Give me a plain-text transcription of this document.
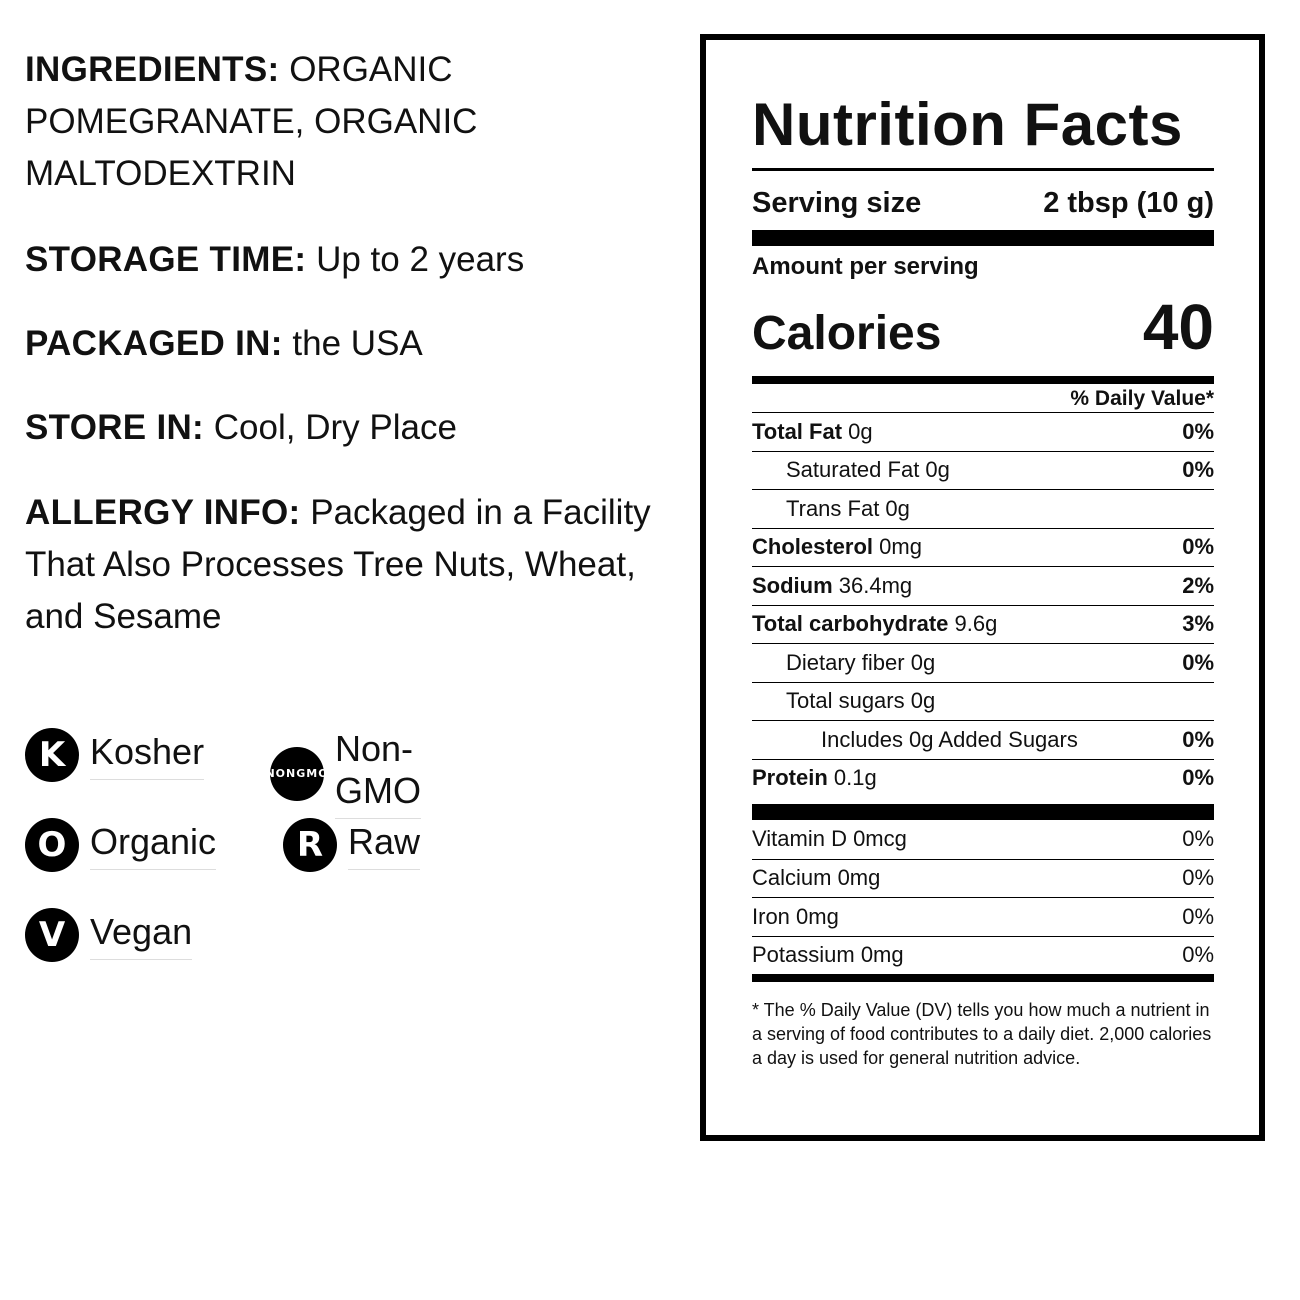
INGREDIENTS: ORGANIC POMEGRANATE, ORGANIC MALTODEXTRIN
STORAGE TIME: Up to 2 years
PACKAGED IN: the USA
STORE IN: Cool, Dry Place
ALLERGY INFO: Packaged in a Facility That Also Processes Tree Nuts, Wheat, and Sesame
K Kosher
NON GMO
Non-GMO
O Organic	R Raw
V Vegan
Nutrition Facts
Serving size	2 tbsp (10 g)
Amount per serving
Calories	40
% Daily Value*
Total Fat 0g	0%
Saturated Fat 0g	0%
Trans Fat 0g
Cholesterol 0mg	0%
Sodium 36.4mg	2%
Total carbohydrate 9.6g	3%
Dietary fiber 0g	0%
Total sugars 0g
Includes 0g Added Sugars	0%
Protein 0.1g	0%
Vitamin D 0mcg	0%
Calcium 0mg	0%
Iron 0mg	0%
Potassium 0mg	0%
* The % Daily Value (DV) tells you how much a nutrient in a serving of food contributes to a daily diet. 2,000 calories a day is used for general nutrition advice.
